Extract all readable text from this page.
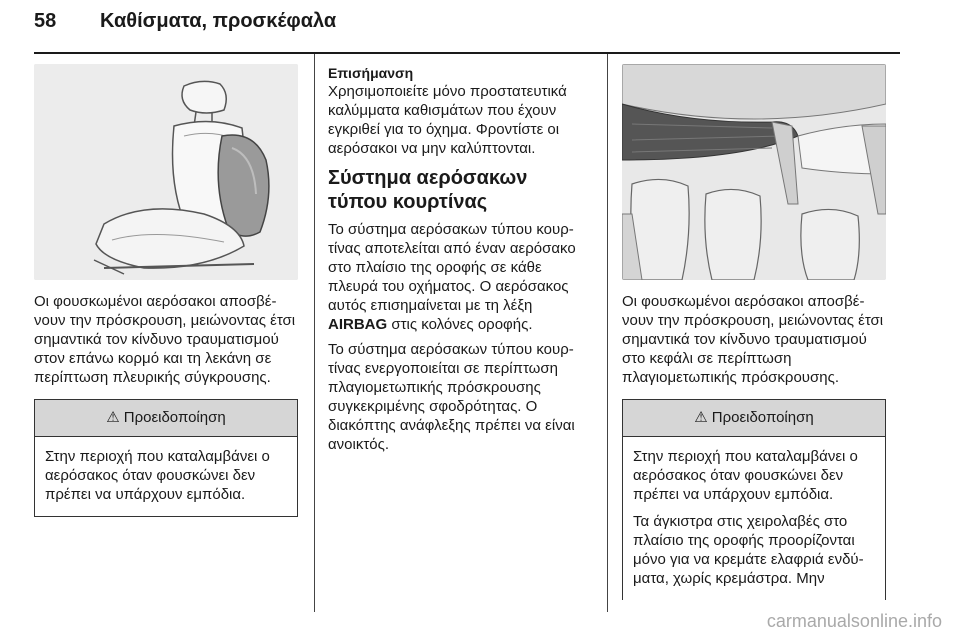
58 Καθίσματα, προσκέφαλα

Οι φουσκωμένοι αερόσακοι αποσβένουν την πρόσκρουση, μειώνοντας έτσι σημαντικά τον κίνδυνο τραυματισμού στον επάνω κορμό και τη λεκάνη σε περίπτωση πλευρικής σύγκρουσης.

⚠ Προειδοποίηση

Στην περιοχή που καταλαμβάνει ο αερόσακος όταν φουσκώνει δεν πρέπει να υπάρχουν εμπόδια.

Επισήμανση

Χρησιμοποιείτε μόνο προστατευτικά καλύμματα καθισμάτων που έχουν εγκριθεί για το όχημα. Φροντίστε οι αερόσακοι να μην καλύπτονται.

Σύστημα αερόσακων τύπου κουρτίνας

Το σύστημα αερόσακων τύπου κουρτίνας αποτελείται από έναν αερόσακο στο πλαίσιο της οροφής σε κάθε πλευρά του οχήματος. Ο αερόσακος αυτός επισημαίνεται με τη λέξη AIRBAG στις κολόνες οροφής.

Το σύστημα αερόσακων τύπου κουρτίνας ενεργοποιείται σε περίπτωση πλαγιομετωπικής πρόσκρουσης συγκεκριμένης σφοδρότητας. Ο διακόπτης ανάφλεξης πρέπει να είναι ανοικτός.

Οι φουσκωμένοι αερόσακοι αποσβένουν την πρόσκρουση, μειώνοντας έτσι σημαντικά τον κίνδυνο τραυματισμού στο κεφάλι σε περίπτωση πλαγιομετωπικής πρόσκρουσης.

⚠ Προειδοποίηση

Στην περιοχή που καταλαμβάνει ο αερόσακος όταν φουσκώνει δεν πρέπει να υπάρχουν εμπόδια.

Τα άγκιστρα στις χειρολαβές στο πλαίσιο της οροφής προορίζονται μόνο για να κρεμάτε ελαφριά ενδύματα, χωρίς κρεμάστρα. Μην

carmanualsonline.info
